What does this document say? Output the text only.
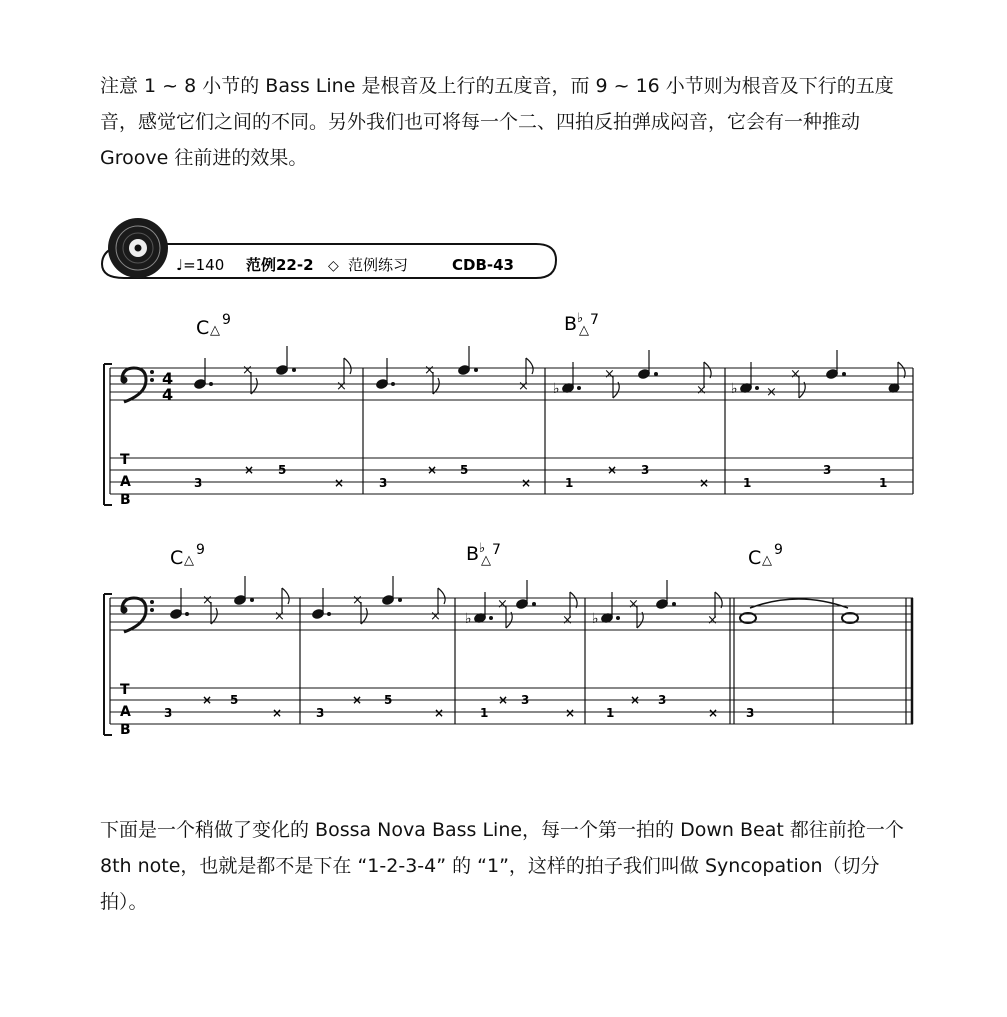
注意 1 ~ 8 小节的 Bass Line 是根音及上行的五度音，而 9 ~ 16 小节则为根音及下行的五度音，感觉它们之间的不同。另外我们也可将每一个二、四拍反拍弹成闷音，它会有一种推动 Groove 往前进的效果。

♩=140 范例22-2 ◇ 范例练习	CDB-43
C △
9	B ♭
△
7
4
4
T
A
B
×
×
×
× ♭
×
× ♭ ×
×
3
× 5
×	3
× 5
×	1
× 3
×	1
3
1
C △
9	B ♭
△
7	C △
9
T
A
B
×
×
×
× ♭
×
× ♭
×
×
3
× 5
×	3
× 5
×	1
× 3
×	1
× 3
× 3

下面是一个稍做了变化的 Bossa Nova Bass Line，每一个第一拍的 Down Beat 都往前抢一个 8th note，也就是都不是下在 “1-2-3-4” 的 “1”，这样的拍子我们叫做 Syncopation（切分拍）。
